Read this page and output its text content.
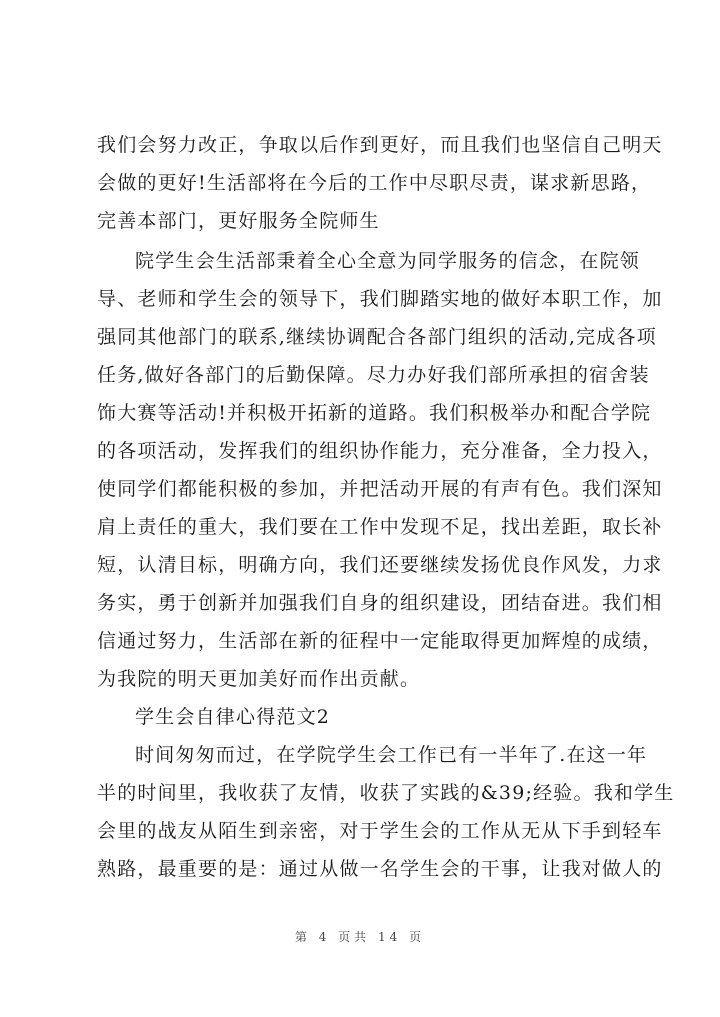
我们会努力改正，争取以后作到更好，而且我们也坚信自己明天
会做的更好!生活部将在今后的工作中尽职尽责，谋求新思路，
完善本部门，更好服务全院师生
院学生会生活部秉着全心全意为同学服务的信念，在院领
导、老师和学生会的领导下，我们脚踏实地的做好本职工作，加
强同其他部门的联系,继续协调配合各部门组织的活动,完成各项
任务,做好各部门的后勤保障。尽力办好我们部所承担的宿舍装
饰大赛等活动!并积极开拓新的道路。我们积极举办和配合学院
的各项活动，发挥我们的组织协作能力，充分准备，全力投入，
使同学们都能积极的参加，并把活动开展的有声有色。我们深知
肩上责任的重大，我们要在工作中发现不足，找出差距，取长补
短，认清目标，明确方向，我们还要继续发扬优良作风发，力求
务实，勇于创新并加强我们自身的组织建设，团结奋进。我们相
信通过努力，生活部在新的征程中一定能取得更加辉煌的成绩，
为我院的明天更加美好而作出贡献。
学生会自律心得范文2
时间匆匆而过，在学院学生会工作已有一半年了.在这一年
半的时间里，我收获了友情，收获了实践的&39;经验。我和学生
会里的战友从陌生到亲密，对于学生会的工作从无从下手到轻车
熟路，最重要的是：通过从做一名学生会的干事，让我对做人的
第 4 页共 14 页
